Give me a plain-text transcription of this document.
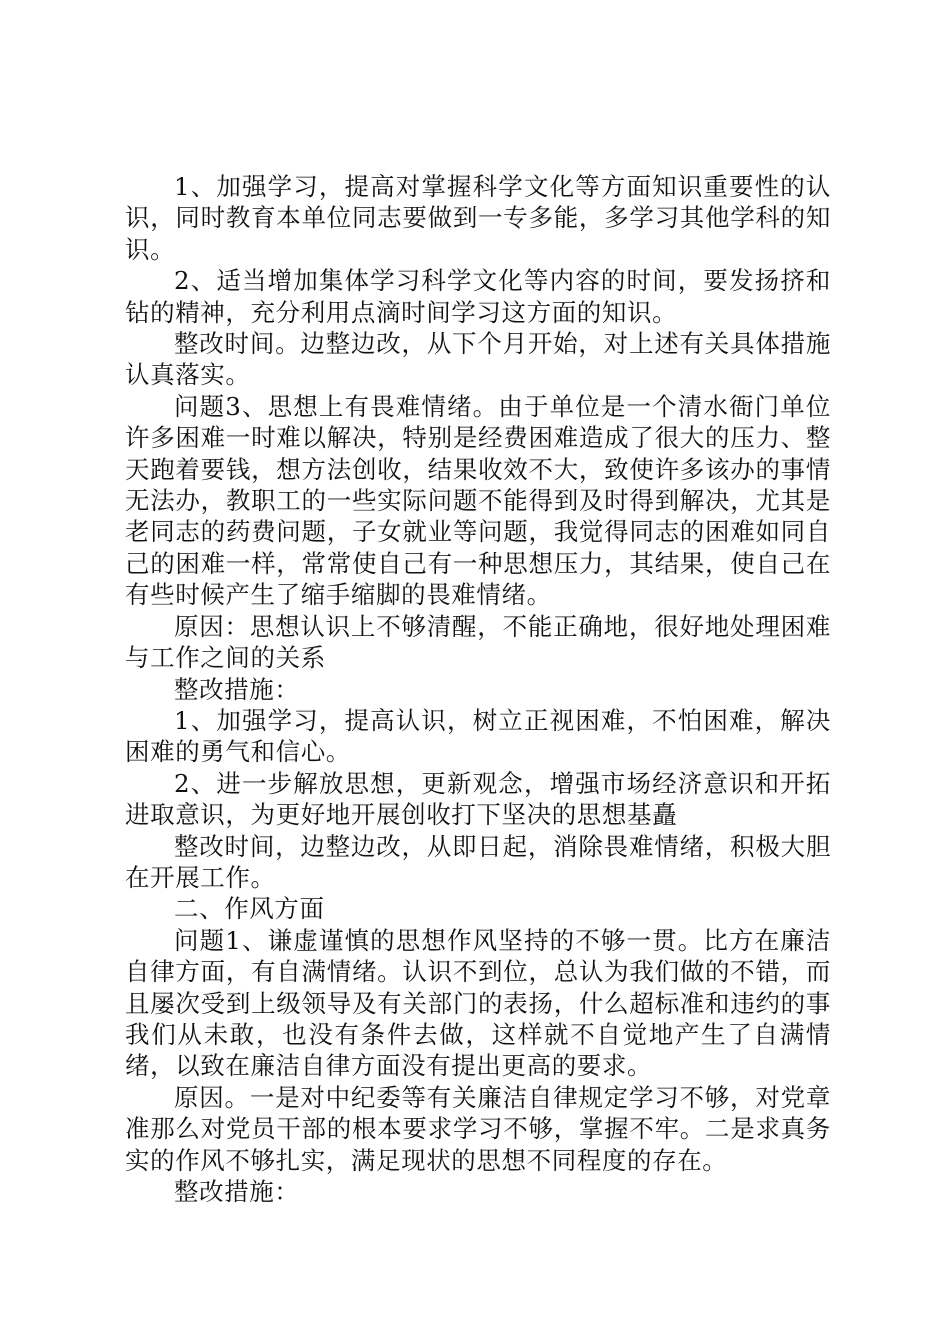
1、加强学习，提高对掌握科学文化等方面知识重要性的认识，同时教育本单位同志要做到一专多能，多学习其他学科的知识。

2、适当增加集体学习科学文化等内容的时间，要发扬挤和钻的精神，充分利用点滴时间学习这方面的知识。

整改时间。边整边改，从下个月开始，对上述有关具体措施认真落实。

问题3、思想上有畏难情绪。由于单位是一个清水衙门单位许多困难一时难以解决，特别是经费困难造成了很大的压力、整天跑着要钱，想方法创收，结果收效不大，致使许多该办的事情无法办，教职工的一些实际问题不能得到及时得到解决，尤其是老同志的药费问题，子女就业等问题，我觉得同志的困难如同自己的困难一样，常常使自己有一种思想压力，其结果，使自己在有些时候产生了缩手缩脚的畏难情绪。

原因：思想认识上不够清醒，不能正确地，很好地处理困难与工作之间的关系

整改措施：

1、加强学习，提高认识，树立正视困难，不怕困难，解决困难的勇气和信心。

2、进一步解放思想，更新观念，增强市场经济意识和开拓进取意识，为更好地开展创收打下坚决的思想基矗

整改时间，边整边改，从即日起，消除畏难情绪，积极大胆在开展工作。

二、作风方面

问题1、谦虚谨慎的思想作风坚持的不够一贯。比方在廉洁自律方面，有自满情绪。认识不到位，总认为我们做的不错，而且屡次受到上级领导及有关部门的表扬，什么超标准和违约的事我们从未敢，也没有条件去做，这样就不自觉地产生了自满情绪，以致在廉洁自律方面没有提出更高的要求。

原因。一是对中纪委等有关廉洁自律规定学习不够，对党章准那么对党员干部的根本要求学习不够，掌握不牢。二是求真务实的作风不够扎实，满足现状的思想不同程度的存在。

整改措施：
